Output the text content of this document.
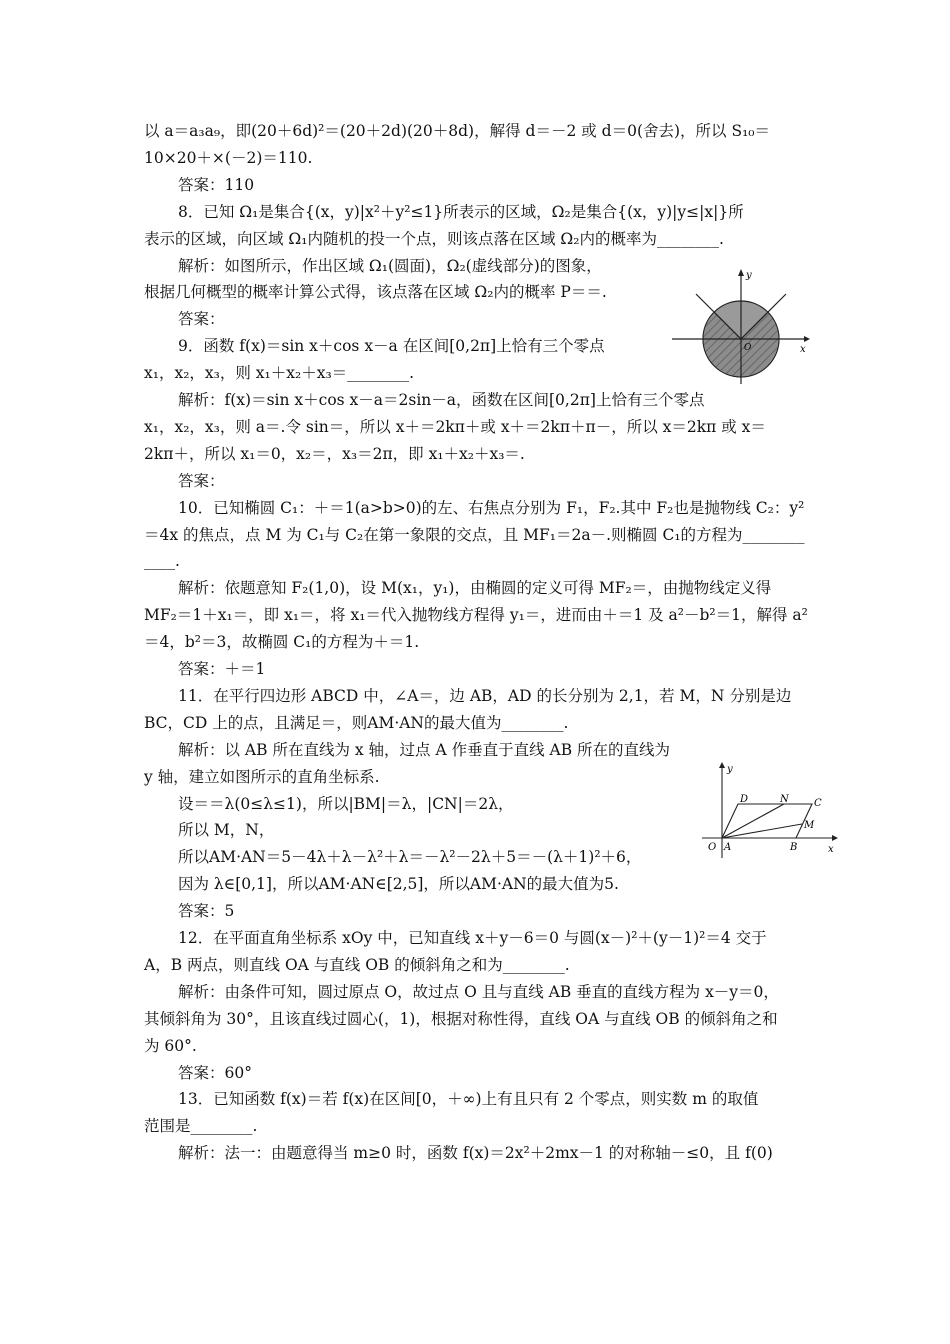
以 a＝a₃a₉，即(20＋6d)²＝(20＋2d)(20＋8d)，解得 d＝－2 或 d＝0(舍去)，所以 S₁₀＝
10×20＋×(－2)＝110.
答案：110
8．已知 Ω₁是集合{(x，y)|x²＋y²≤1}所表示的区域，Ω₂是集合{(x，y)|y≤|x|}所
表示的区域，向区域 Ω₁内随机的投一个点，则该点落在区域 Ω₂内的概率为________.
解析：如图所示，作出区域 Ω₁(圆面)，Ω₂(虚线部分)的图象，
根据几何概型的概率计算公式得，该点落在区域 Ω₂内的概率 P＝＝.
答案：
9．函数 f(x)＝sin x＋cos x－a 在区间[0,2π]上恰有三个零点
x₁，x₂，x₃，则 x₁＋x₂＋x₃＝________.
解析：f(x)＝sin x＋cos x－a＝2sin－a，函数在区间[0,2π]上恰有三个零点
x₁，x₂，x₃，则 a＝.令 sin＝，所以 x＋＝2kπ＋或 x＋＝2kπ＋π－，所以 x＝2kπ 或 x＝
2kπ＋，所以 x₁＝0，x₂＝，x₃＝2π，即 x₁＋x₂＋x₃＝.
答案：
10．已知椭圆 C₁：＋＝1(a>b>0)的左、右焦点分别为 F₁，F₂.其中 F₂也是抛物线 C₂：y²
＝4x 的焦点，点 M 为 C₁与 C₂在第一象限的交点，且 MF₁＝2a－.则椭圆 C₁的方程为________
____.
解析：依题意知 F₂(1,0)，设 M(x₁，y₁)，由椭圆的定义可得 MF₂＝，由抛物线定义得
MF₂＝1＋x₁＝，即 x₁＝，将 x₁＝代入抛物线方程得 y₁＝，进而由＋＝1 及 a²－b²＝1，解得 a²
＝4，b²＝3，故椭圆 C₁的方程为＋＝1.
答案：＋＝1
11．在平行四边形 ABCD 中，∠A＝，边 AB，AD 的长分别为 2,1，若 M，N 分别是边
BC，CD 上的点，且满足＝，则AM·AN的最大值为________.
解析：以 AB 所在直线为 x 轴，过点 A 作垂直于直线 AB 所在的直线为
y 轴，建立如图所示的直角坐标系.
设＝＝λ(0≤λ≤1)，所以|BM|＝λ，|CN|＝2λ，
所以 M，N，
所以AM·AN＝5－4λ＋λ－λ²＋λ＝－λ²－2λ＋5＝－(λ＋1)²＋6，
因为 λ∈[0,1]，所以AM·AN∈[2,5]，所以AM·AN的最大值为5.
答案：5
12．在平面直角坐标系 xOy 中，已知直线 x＋y－6＝0 与圆(x－)²＋(y－1)²＝4 交于
A，B 两点，则直线 OA 与直线 OB 的倾斜角之和为________.
解析：由条件可知，圆过原点 O，故过点 O 且与直线 AB 垂直的直线方程为 x－y＝0，
其倾斜角为 30°，且该直线过圆心(，1)，根据对称性得，直线 OA 与直线 OB 的倾斜角之和
为 60°.
答案：60°
13．已知函数 f(x)＝若 f(x)在区间[0，＋∞)上有且只有 2 个零点，则实数 m 的取值
范围是________.
解析：法一：由题意得当 m≥0 时，函数 f(x)＝2x²＋2mx－1 的对称轴－≤0，且 f(0)
x
y
O
O A	B
C
D	N
M
x
y
